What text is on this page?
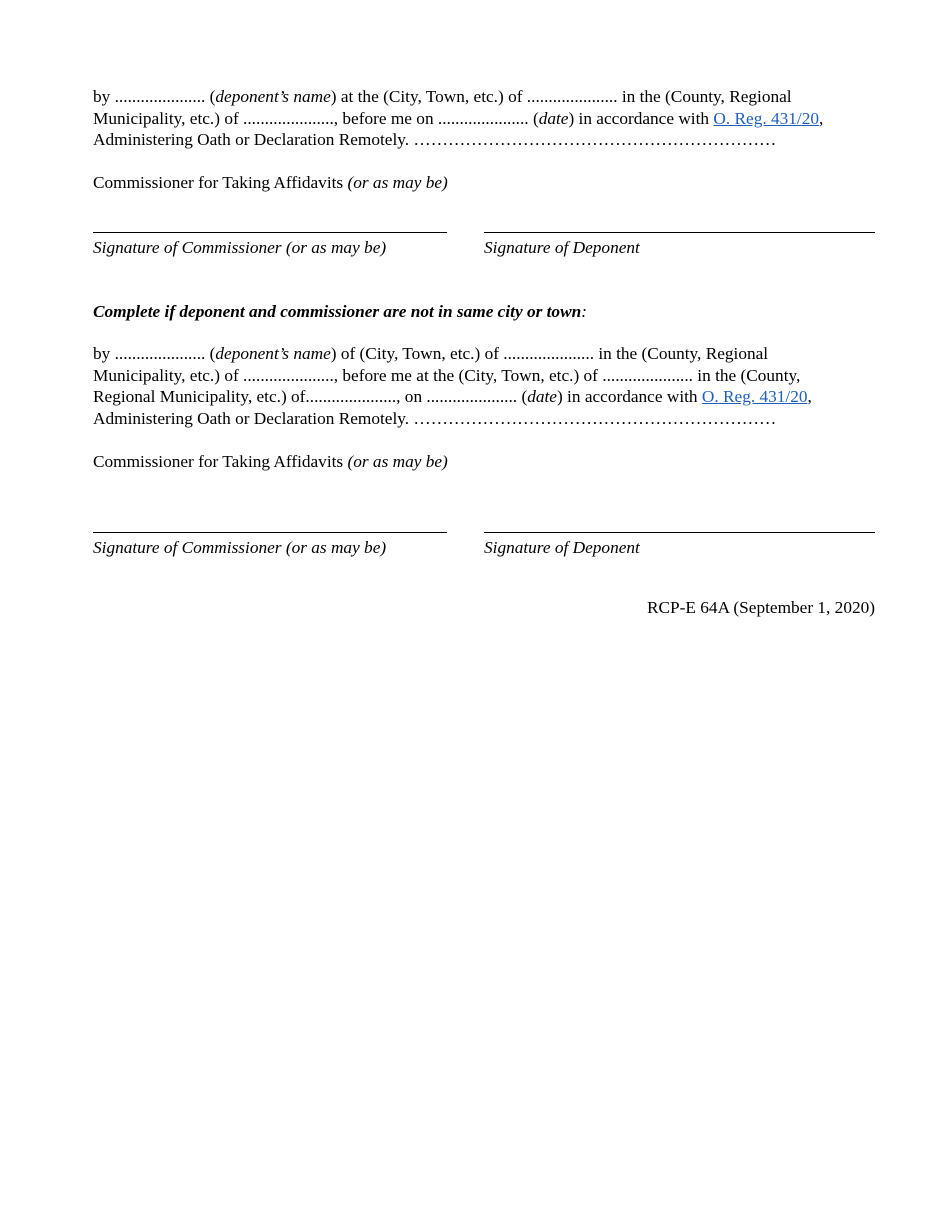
by ..................... (deponent’s name) at the (City, Town, etc.) of ..................... in the (County, Regional
Municipality, etc.) of ....................., before me on ..................... (date) in accordance with O. Reg. 431/20,
Administering Oath or Declaration Remotely. ………………………………………………………
Commissioner for Taking Affidavits (or as may be)
Signature of Commissioner (or as may be)	Signature of Deponent
Complete if deponent and commissioner are not in same city or town:
by ..................... (deponent’s name) of (City, Town, etc.) of ..................... in the (County, Regional
Municipality, etc.) of ....................., before me at the (City, Town, etc.) of ..................... in the (County,
Regional Municipality, etc.) of....................., on ..................... (date) in accordance with O. Reg. 431/20,
Administering Oath or Declaration Remotely. ………………………………………………………
Commissioner for Taking Affidavits (or as may be)
Signature of Commissioner (or as may be)	Signature of Deponent
RCP-E 64A (September 1, 2020)
